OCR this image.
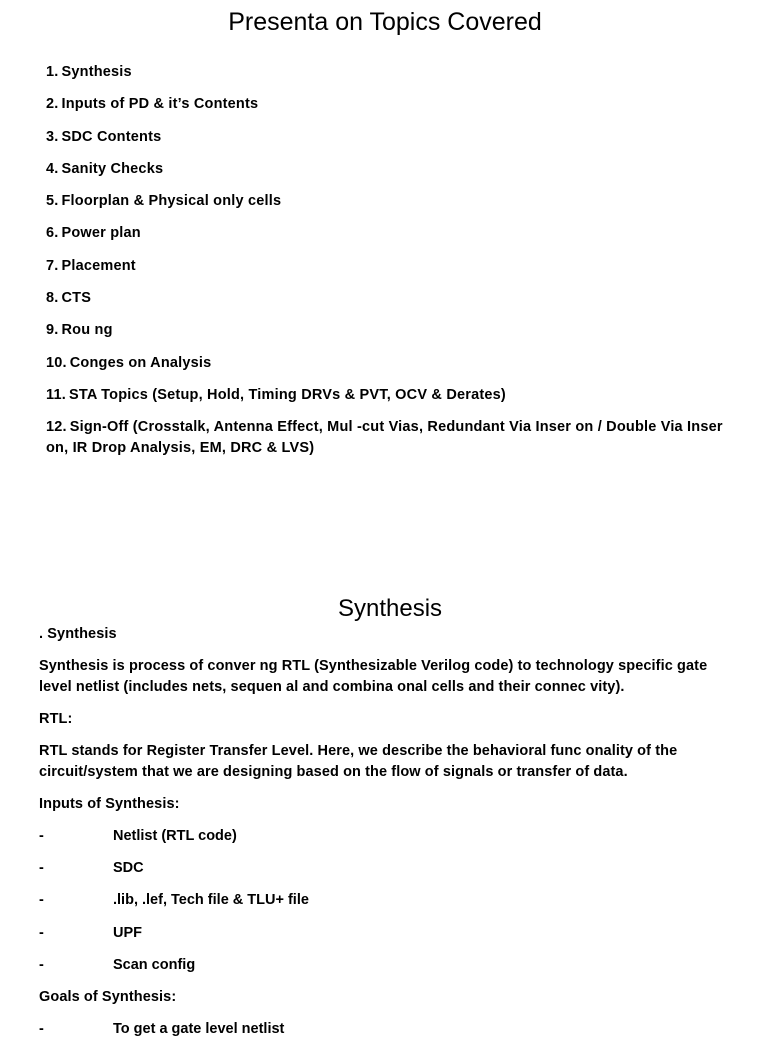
Presenta on Topics Covered
1. Synthesis
2. Inputs of PD & it’s Contents
3. SDC Contents
4. Sanity Checks
5. Floorplan & Physical only cells
6. Power plan
7. Placement
8. CTS
9. Rou ng
10. Conges on Analysis
11. STA Topics (Setup, Hold, Timing DRVs & PVT, OCV & Derates)
12. Sign-Off (Crosstalk, Antenna Effect, Mul -cut Vias, Redundant Via Inser on / Double Via Inser on, IR Drop Analysis, EM, DRC & LVS)
Synthesis
. Synthesis
Synthesis is process of conver ng RTL (Synthesizable Verilog code) to technology specific gate level netlist (includes nets, sequen al and combina onal cells and their connec vity).
RTL:
RTL stands for Register Transfer Level. Here, we describe the behavioral func onality of the circuit/system that we are designing based on the flow of signals or transfer of data.
Inputs of Synthesis:
-	Netlist (RTL code)
-	SDC
-	.lib, .lef, Tech file & TLU+ file
-	UPF
-	Scan config
Goals of Synthesis:
-	To get a gate level netlist
